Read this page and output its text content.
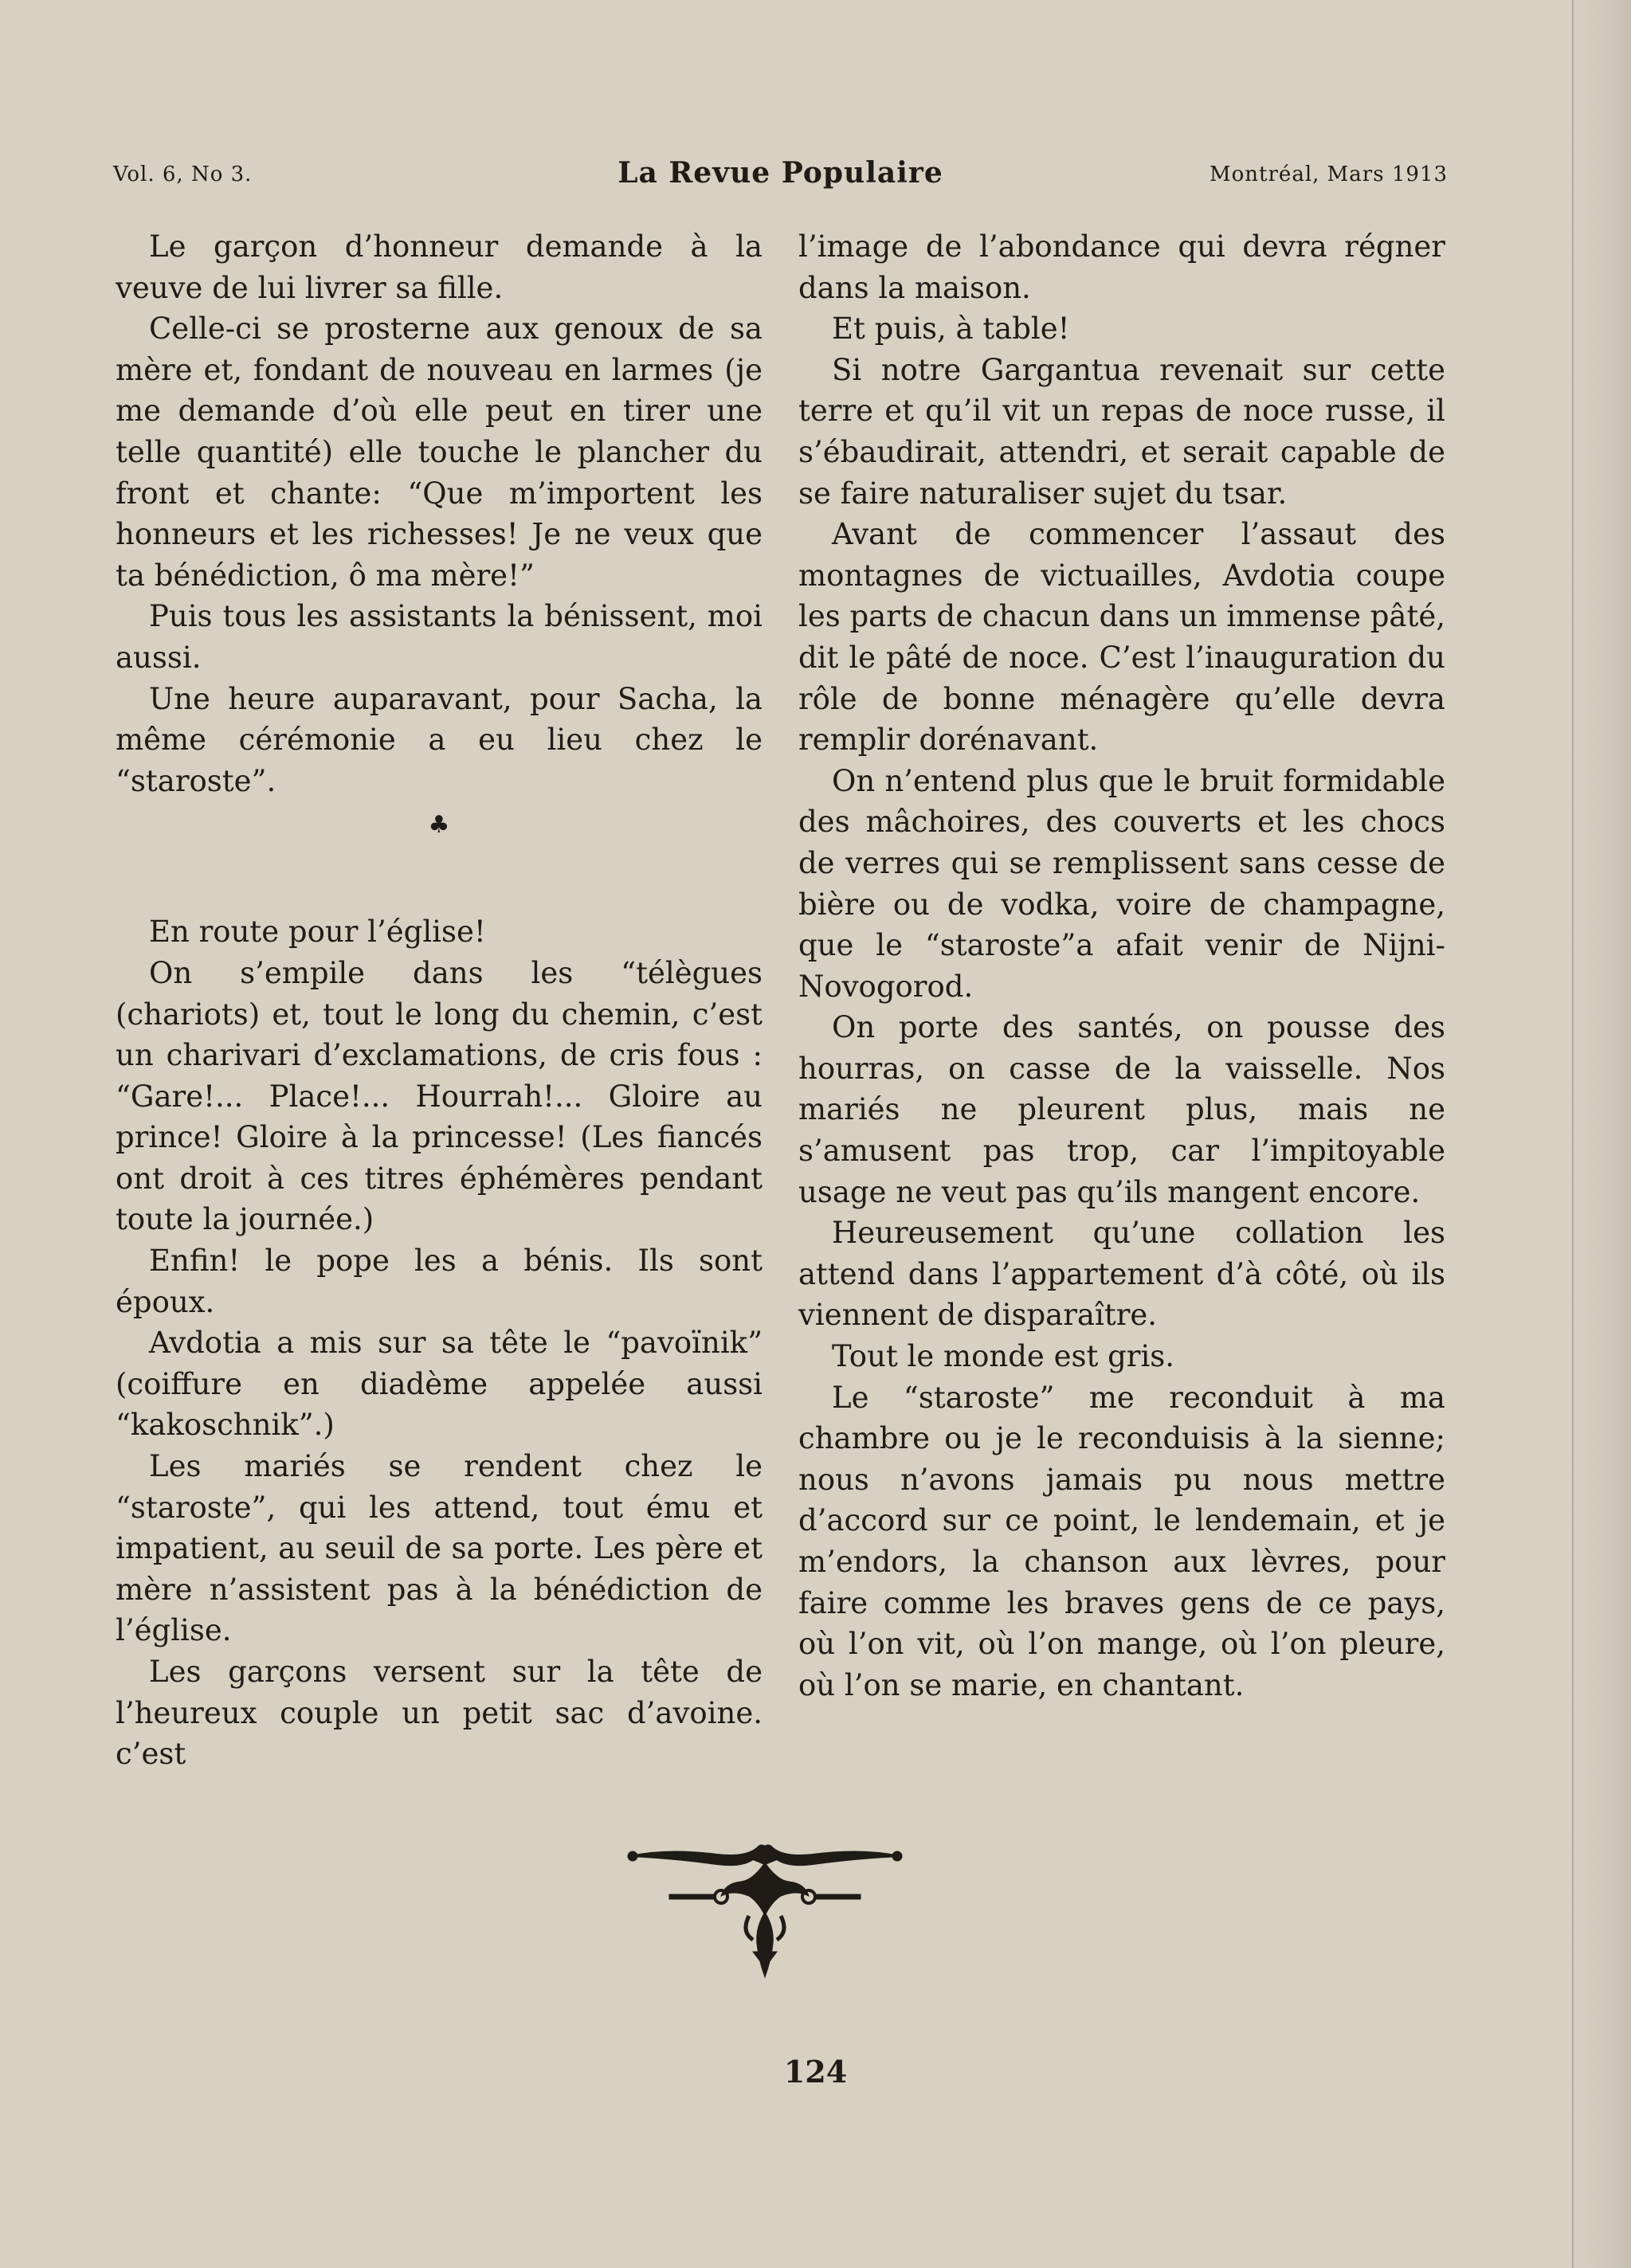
Vol. 6, No 3.	La Revue Populaire	Montréal, Mars 1913

Le garçon d’honneur demande à la veuve de lui livrer sa fille.

Celle-ci se prosterne aux genoux de sa mère et, fondant de nouveau en larmes (je me demande d’où elle peut en tirer une telle quantité) elle touche le plancher du front et chante: “Que m’importent les honneurs et les richesses! Je ne veux que ta bénédiction, ô ma mère!”

Puis tous les assistants la bénissent, moi aussi.

Une heure auparavant, pour Sacha, la même cérémonie a eu lieu chez le “staroste”.

♣

En route pour l’église!

On s’empile dans les “télègues (chariots) et, tout le long du chemin, c’est un charivari d’exclamations, de cris fous : “Gare!... Place!... Hourrah!... Gloire au prince! Gloire à la princesse! (Les fiancés ont droit à ces titres éphémères pendant toute la journée.)

Enfin! le pope les a bénis. Ils sont époux.

Avdotia a mis sur sa tête le “pavoïnik” (coiffure en diadème appelée aussi “kakoschnik”.)

Les mariés se rendent chez le “staroste”, qui les attend, tout ému et impatient, au seuil de sa porte. Les père et mère n’assistent pas à la bénédiction de l’église.

Les garçons versent sur la tête de l’heureux couple un petit sac d’avoine. c’est

l’image de l’abondance qui devra régner dans la maison.

Et puis, à table!

Si notre Gargantua revenait sur cette terre et qu’il vit un repas de noce russe, il s’ébaudirait, attendri, et serait capable de se faire naturaliser sujet du tsar.

Avant de commencer l’assaut des montagnes de victuailles, Avdotia coupe les parts de chacun dans un immense pâté, dit le pâté de noce. C’est l’inauguration du rôle de bonne ménagère qu’elle devra remplir dorénavant.

On n’entend plus que le bruit formidable des mâchoires, des couverts et les chocs de verres qui se remplissent sans cesse de bière ou de vodka, voire de champagne, que le “staroste”a afait venir de Nijni-Novogorod.

On porte des santés, on pousse des hourras, on casse de la vaisselle. Nos mariés ne pleurent plus, mais ne s’amusent pas trop, car l’impitoyable usage ne veut pas qu’ils mangent encore.

Heureusement qu’une collation les attend dans l’appartement d’à côté, où ils viennent de disparaître.

Tout le monde est gris.

Le “staroste” me reconduit à ma chambre ou je le reconduisis à la sienne; nous n’avons jamais pu nous mettre d’accord sur ce point, le lendemain, et je m’endors, la chanson aux lèvres, pour faire comme les braves gens de ce pays, où l’on vit, où l’on mange, où l’on pleure, où l’on se marie, en chantant.

124
